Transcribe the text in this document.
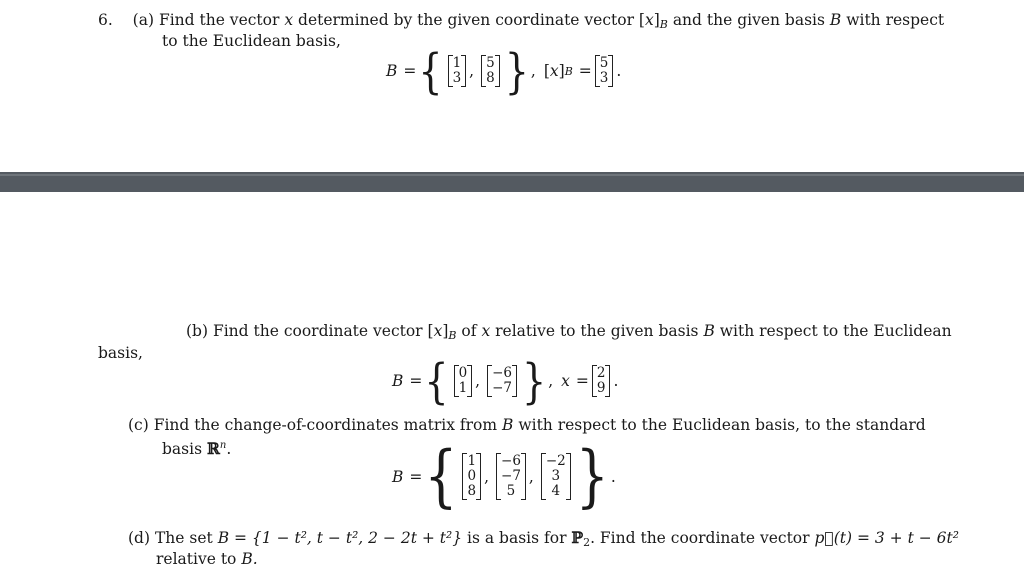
6. (a) Find the vector x determined by the given coordinate vector $[x]_B$ and the given basis B with respect
to the Euclidean basis,
B = { 1
3 , 5
8 } ,
[ x ] B = 5
3 .
(b) Find the coordinate vector $[x]_B$ of x relative to the given basis B with respect to the Euclidean
basis,
B = { 0
1 , −6
−7 } , x = 2
9 .
(c) Find the change-of-coordinates matrix from B with respect to the Euclidean basis, to the standard
basis ℝ$^n$.
B = { 1
0
8
,
−6
−7
5
,
−2
3
4 } .
(d) The set B = {1 − t², t − t², 2 − 2t + t²} is a basis for ℙ$_2$. Find the coordinate vector p⃗(t) = 3 + t − 6t²
relative to B.
